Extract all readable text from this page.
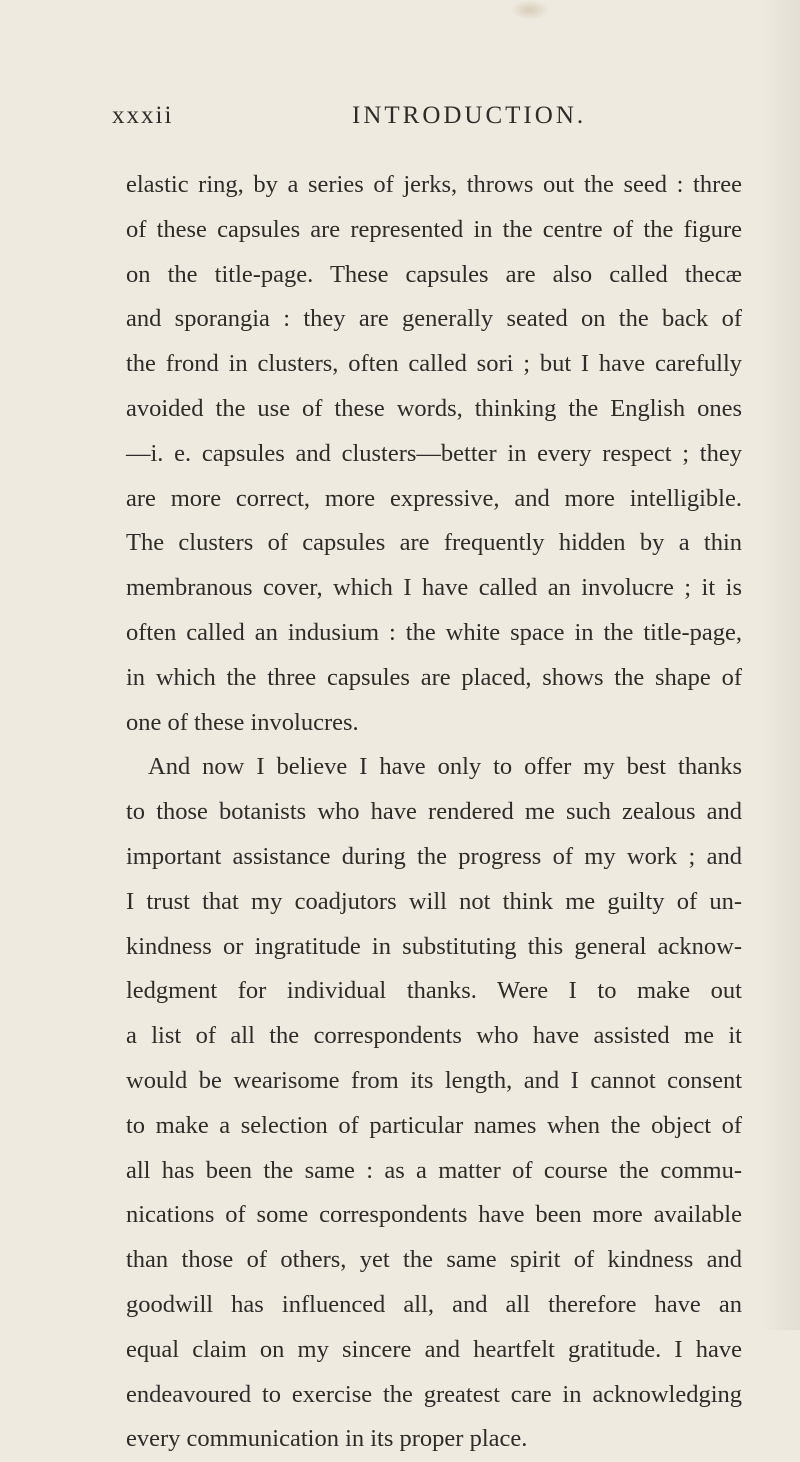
xxxii	INTRODUCTION.
elastic ring, by a series of jerks, throws out the seed : three
of these capsules are represented in the centre of the figure
on the title-page. These capsules are also called thecæ
and sporangia : they are generally seated on the back of
the frond in clusters, often called sori ; but I have carefully
avoided the use of these words, thinking the English ones
—i. e. capsules and clusters—better in every respect ; they
are more correct, more expressive, and more intelligible.
The clusters of capsules are frequently hidden by a thin
membranous cover, which I have called an involucre ; it is
often called an indusium : the white space in the title-page,
in which the three capsules are placed, shows the shape of
one of these involucres.
And now I believe I have only to offer my best thanks
to those botanists who have rendered me such zealous and
important assistance during the progress of my work ; and
I trust that my coadjutors will not think me guilty of un-
kindness or ingratitude in substituting this general acknow-
ledgment for individual thanks. Were I to make out
a list of all the correspondents who have assisted me it
would be wearisome from its length, and I cannot consent
to make a selection of particular names when the object of
all has been the same : as a matter of course the commu-
nications of some correspondents have been more available
than those of others, yet the same spirit of kindness and
goodwill has influenced all, and all therefore have an
equal claim on my sincere and heartfelt gratitude. I have
endeavoured to exercise the greatest care in acknowledging
every communication in its proper place.
